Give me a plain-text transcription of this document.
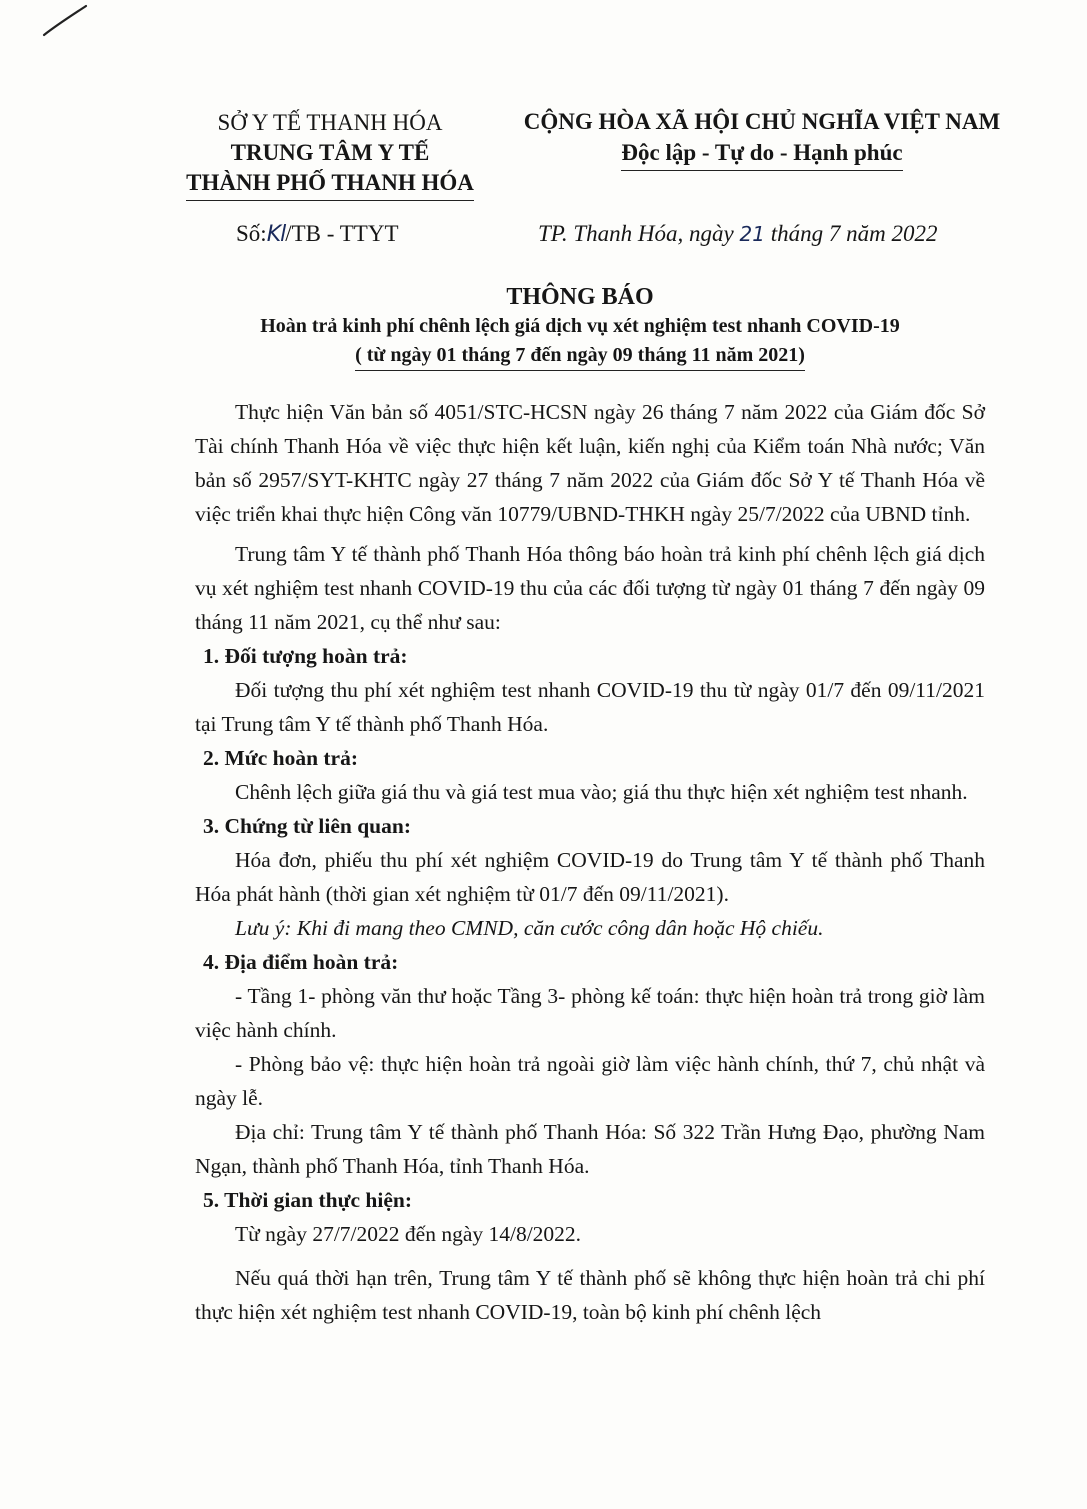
SỞ Y TẾ THANH HÓA
TRUNG TÂM Y TẾ
THÀNH PHỐ THANH HÓA
CỘNG HÒA XÃ HỘI CHỦ NGHĨA VIỆT NAM
Độc lập - Tự do - Hạnh phúc
Số:Kl/TB - TTYT	TP. Thanh Hóa, ngày 21 tháng 7 năm 2022
THÔNG BÁO
Hoàn trả kinh phí chênh lệch giá dịch vụ xét nghiệm test nhanh COVID-19
( từ ngày 01 tháng 7 đến ngày 09 tháng 11 năm 2021)

Thực hiện Văn bản số 4051/STC-HCSN ngày 26 tháng 7 năm 2022 của Giám đốc Sở Tài chính Thanh Hóa về việc thực hiện kết luận, kiến nghị của Kiểm toán Nhà nước; Văn bản số 2957/SYT-KHTC ngày 27 tháng 7 năm 2022 của Giám đốc Sở Y tế Thanh Hóa về việc triển khai thực hiện Công văn 10779/UBND-THKH ngày 25/7/2022 của UBND tỉnh.

Trung tâm Y tế thành phố Thanh Hóa thông báo hoàn trả kinh phí chênh lệch giá dịch vụ xét nghiệm test nhanh COVID-19 thu của các đối tượng từ ngày 01 tháng 7 đến ngày 09 tháng 11 năm 2021, cụ thể như sau:

1. Đối tượng hoàn trả:

Đối tượng thu phí xét nghiệm test nhanh COVID-19 thu từ ngày 01/7 đến 09/11/2021 tại Trung tâm Y tế thành phố Thanh Hóa.

2. Mức hoàn trả:

Chênh lệch giữa giá thu và giá test mua vào; giá thu thực hiện xét nghiệm test nhanh.

3. Chứng từ liên quan:

Hóa đơn, phiếu thu phí xét nghiệm COVID-19 do Trung tâm Y tế thành phố Thanh Hóa phát hành (thời gian xét nghiệm từ 01/7 đến 09/11/2021).

Lưu ý: Khi đi mang theo CMND, căn cước công dân hoặc Hộ chiếu.

4. Địa điểm hoàn trả:

- Tầng 1- phòng văn thư hoặc Tầng 3- phòng kế toán: thực hiện hoàn trả trong giờ làm việc hành chính.

- Phòng bảo vệ: thực hiện hoàn trả ngoài giờ làm việc hành chính, thứ 7, chủ nhật và ngày lễ.

Địa chỉ: Trung tâm Y tế thành phố Thanh Hóa: Số 322 Trần Hưng Đạo, phường Nam Ngạn, thành phố Thanh Hóa, tỉnh Thanh Hóa.

5. Thời gian thực hiện:

Từ ngày 27/7/2022 đến ngày 14/8/2022.

Nếu quá thời hạn trên, Trung tâm Y tế thành phố sẽ không thực hiện hoàn trả chi phí thực hiện xét nghiệm test nhanh COVID-19, toàn bộ kinh phí chênh lệch
